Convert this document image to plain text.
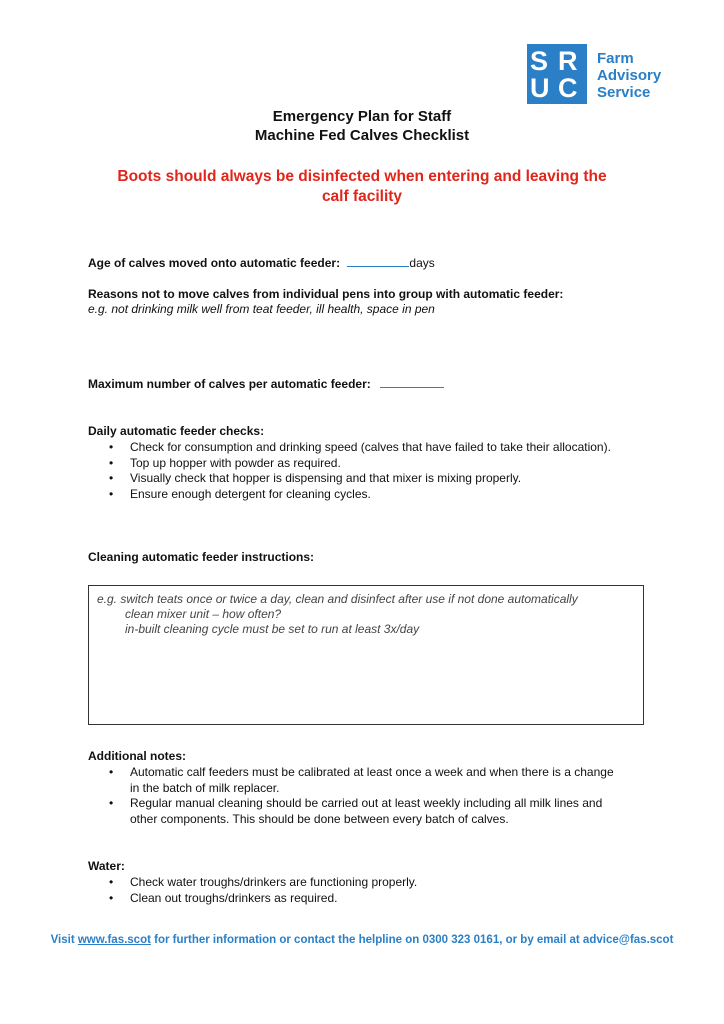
S R
U C
Farm
Advisory
Service
Emergency Plan for Staff
Machine Fed Calves Checklist
Boots should always be disinfected when entering and leaving the
calf facility
Age of calves moved onto automatic feeder:	days
Reasons not to move calves from individual pens into group with automatic feeder:
e.g. not drinking milk well from teat feeder, ill health, space in pen
Maximum number of calves per automatic feeder:
Daily automatic feeder checks:
• Check for consumption and drinking speed (calves that have failed to take their allocation).
• Top up hopper with powder as required.
• Visually check that hopper is dispensing and that mixer is mixing properly.
• Ensure enough detergent for cleaning cycles.
Cleaning automatic feeder instructions:
e.g. switch teats once or twice a day, clean and disinfect after use if not done automatically
clean mixer unit – how often?
in-built cleaning cycle must be set to run at least 3x/day
Additional notes:
• Automatic calf feeders must be calibrated at least once a week and when there is a change in the batch of milk replacer.
• Regular manual cleaning should be carried out at least weekly including all milk lines and other components. This should be done between every batch of calves.
Water:
• Check water troughs/drinkers are functioning properly.
• Clean out troughs/drinkers as required.
Visit www.fas.scot for further information or contact the helpline on 0300 323 0161, or by email at advice@fas.scot
